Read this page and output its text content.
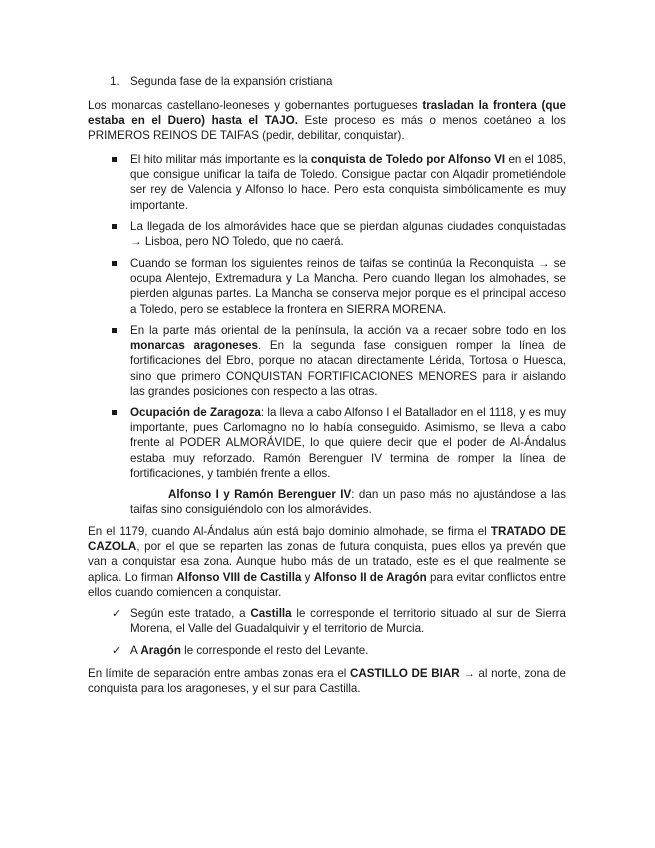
1. Segunda fase de la expansión cristiana

Los monarcas castellano-leoneses y gobernantes portugueses trasladan la frontera (que estaba en el Duero) hasta el TAJO. Este proceso es más o menos coetáneo a los PRIMEROS REINOS DE TAIFAS (pedir, debilitar, conquistar).

El hito militar más importante es la conquista de Toledo por Alfonso VI en el 1085, que consigue unificar la taifa de Toledo. Consigue pactar con Alqadir prometiéndole ser rey de Valencia y Alfonso lo hace. Pero esta conquista simbólicamente es muy importante.
La llegada de los almorávides hace que se pierdan algunas ciudades conquistadas → Lisboa, pero NO Toledo, que no caerá.
Cuando se forman los siguientes reinos de taifas se continúa la Reconquista → se ocupa Alentejo, Extremadura y La Mancha. Pero cuando llegan los almohades, se pierden algunas partes. La Mancha se conserva mejor porque es el principal acceso a Toledo, pero se establece la frontera en SIERRA MORENA.
En la parte más oriental de la península, la acción va a recaer sobre todo en los monarcas aragoneses. En la segunda fase consiguen romper la línea de fortificaciones del Ebro, porque no atacan directamente Lérida, Tortosa o Huesca, sino que primero CONQUISTAN FORTIFICACIONES MENORES para ir aislando las grandes posiciones con respecto a las otras.
Ocupación de Zaragoza: la lleva a cabo Alfonso I el Batallador en el 1118, y es muy importante, pues Carlomagno no lo había conseguido. Asimismo, se lleva a cabo frente al PODER ALMORÁVIDE, lo que quiere decir que el poder de Al-Ándalus estaba muy reforzado. Ramón Berenguer IV termina de romper la línea de fortificaciones, y también frente a ellos.
Alfonso I y Ramón Berenguer IV: dan un paso más no ajustándose a las taifas sino consiguiéndolo con los almorávides.

En el 1179, cuando Al-Ándalus aún está bajo dominio almohade, se firma el TRATADO DE CAZOLA, por el que se reparten las zonas de futura conquista, pues ellos ya prevén que van a conquistar esa zona. Aunque hubo más de un tratado, este es el que realmente se aplica. Lo firman Alfonso VIII de Castilla y Alfonso II de Aragón para evitar conflictos entre ellos cuando comiencen a conquistar.

✓ Según este tratado, a Castilla le corresponde el territorio situado al sur de Sierra Morena, el Valle del Guadalquivir y el territorio de Murcia.
✓ A Aragón le corresponde el resto del Levante.

En límite de separación entre ambas zonas era el CASTILLO DE BIAR → al norte, zona de conquista para los aragoneses, y el sur para Castilla.
